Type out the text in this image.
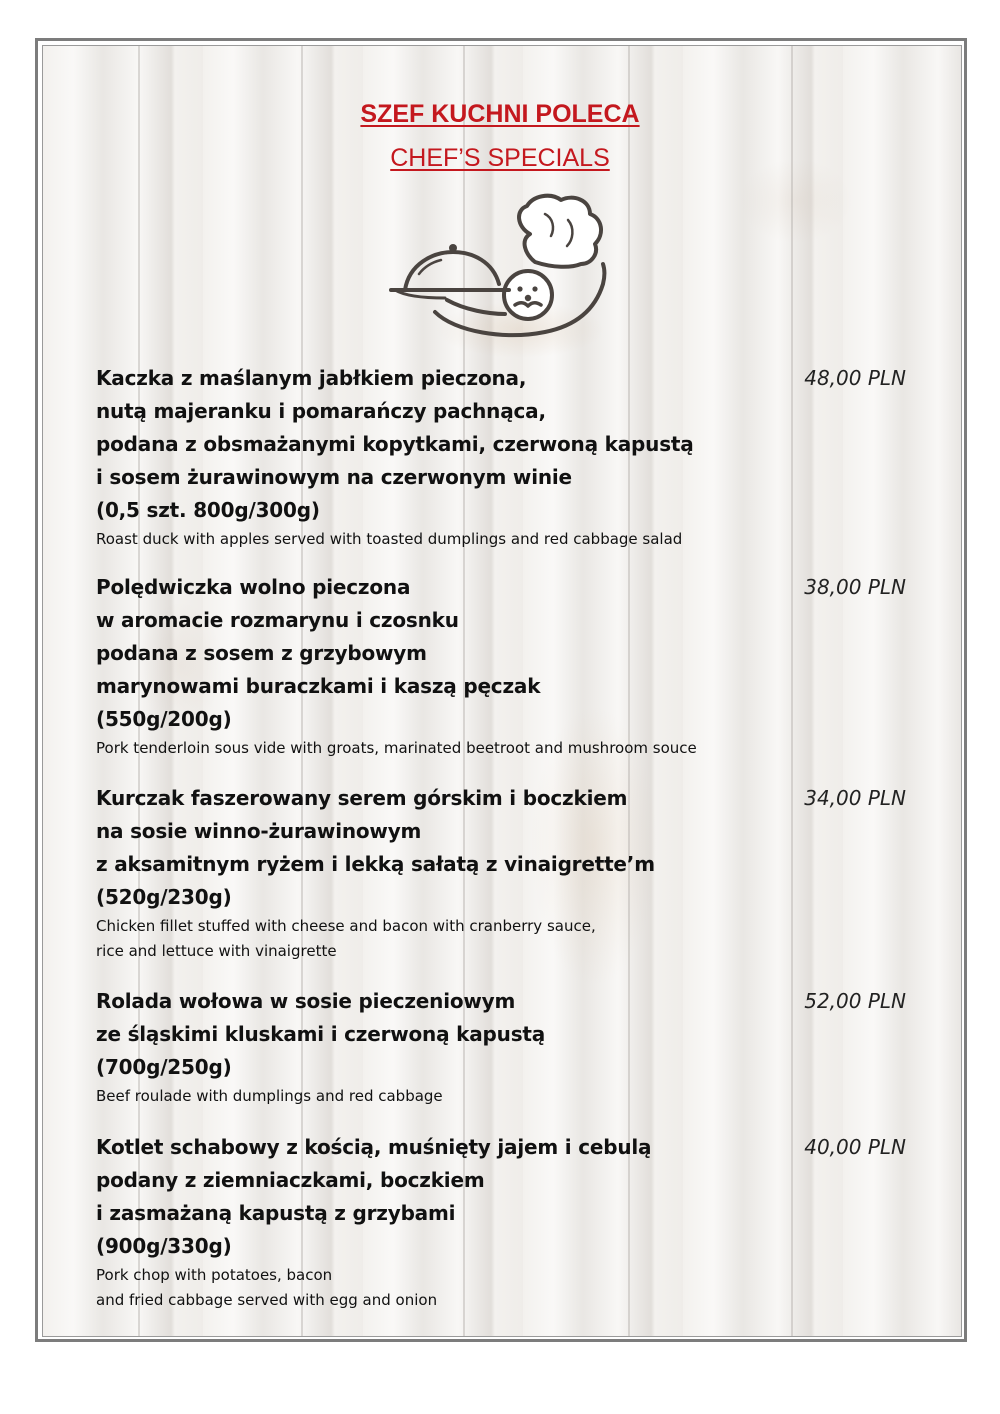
SZEF KUCHNI POLECA
CHEF’S SPECIALS

Kaczka z maślanym jabłkiem pieczona,
nutą majeranku i pomarańczy pachnąca,
podana z obsmażanymi kopytkami, czerwoną kapustą
i sosem żurawinowym na czerwonym winie
(0,5 szt. 800g/300g)

Roast duck with apples served with toasted dumplings and red cabbage salad

48,00 PLN

Polędwiczka wolno pieczona
w aromacie rozmarynu i czosnku
podana z sosem z grzybowym
marynowami buraczkami i kaszą pęczak
(550g/200g)

Pork tenderloin sous vide with groats, marinated beetroot and mushroom souce

38,00 PLN

Kurczak faszerowany serem górskim i boczkiem
na sosie winno-żurawinowym
z aksamitnym ryżem i lekką sałatą z vinaigrette’m
(520g/230g)

Chicken fillet stuffed with cheese and bacon with cranberry sauce,
rice and lettuce with vinaigrette

34,00 PLN

Rolada wołowa w sosie pieczeniowym
ze śląskimi kluskami i czerwoną kapustą
(700g/250g)

Beef roulade with dumplings and red cabbage

52,00 PLN

Kotlet schabowy z kością, muśnięty jajem i cebulą
podany z ziemniaczkami, boczkiem
i zasmażaną kapustą z grzybami
(900g/330g)

Pork chop with potatoes, bacon
and fried cabbage served with egg and onion

40,00 PLN
